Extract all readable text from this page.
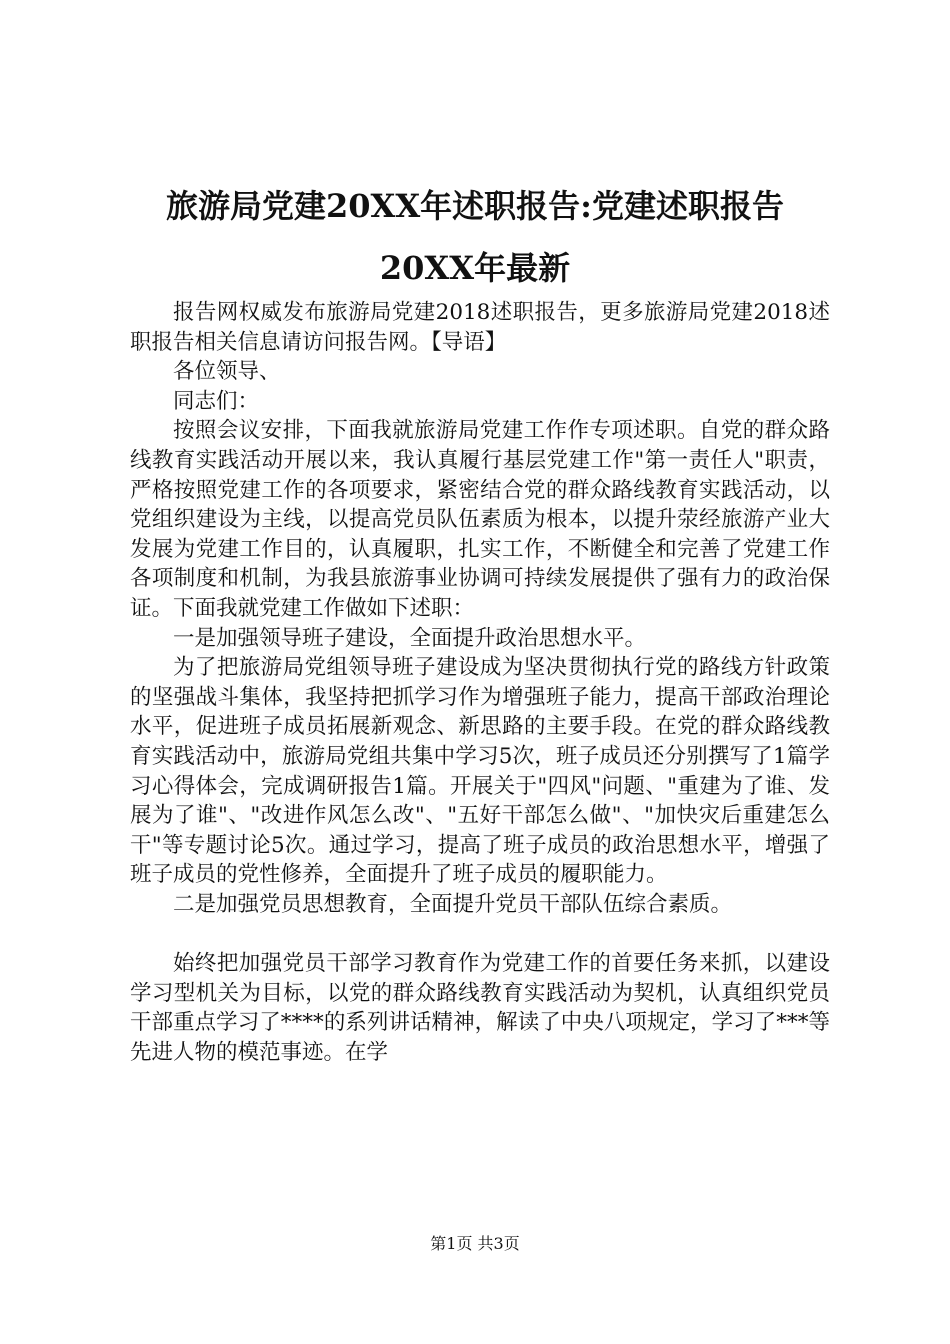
旅游局党建20XX年述职报告:党建述职报告
20XX年最新

报告网权威发布旅游局党建2018述职报告，更多旅游局党建2018述职报告相关信息请访问报告网。【导语】

各位领导、

同志们：

按照会议安排，下面我就旅游局党建工作作专项述职。自党的群众路线教育实践活动开展以来，我认真履行基层党建工作"第一责任人"职责，严格按照党建工作的各项要求，紧密结合党的群众路线教育实践活动，以党组织建设为主线，以提高党员队伍素质为根本，以提升荥经旅游产业大发展为党建工作目的，认真履职，扎实工作，不断健全和完善了党建工作各项制度和机制，为我县旅游事业协调可持续发展提供了强有力的政治保证。下面我就党建工作做如下述职：

一是加强领导班子建设，全面提升政治思想水平。

为了把旅游局党组领导班子建设成为坚决贯彻执行党的路线方针政策的坚强战斗集体，我坚持把抓学习作为增强班子能力，提高干部政治理论水平，促进班子成员拓展新观念、新思路的主要手段。在党的群众路线教育实践活动中，旅游局党组共集中学习5次，班子成员还分别撰写了1篇学习心得体会，完成调研报告1篇。开展关于"四风"问题、"重建为了谁、发展为了谁"、"改进作风怎么改"、"五好干部怎么做"、"加快灾后重建怎么干"等专题讨论5次。通过学习，提高了班子成员的政治思想水平，增强了班子成员的党性修养，全面提升了班子成员的履职能力。

二是加强党员思想教育，全面提升党员干部队伍综合素质。

始终把加强党员干部学习教育作为党建工作的首要任务来抓，以建设学习型机关为目标，以党的群众路线教育实践活动为契机，认真组织党员干部重点学习了****的系列讲话精神，解读了中央八项规定，学习了***等先进人物的模范事迹。在学

第1页 共3页
